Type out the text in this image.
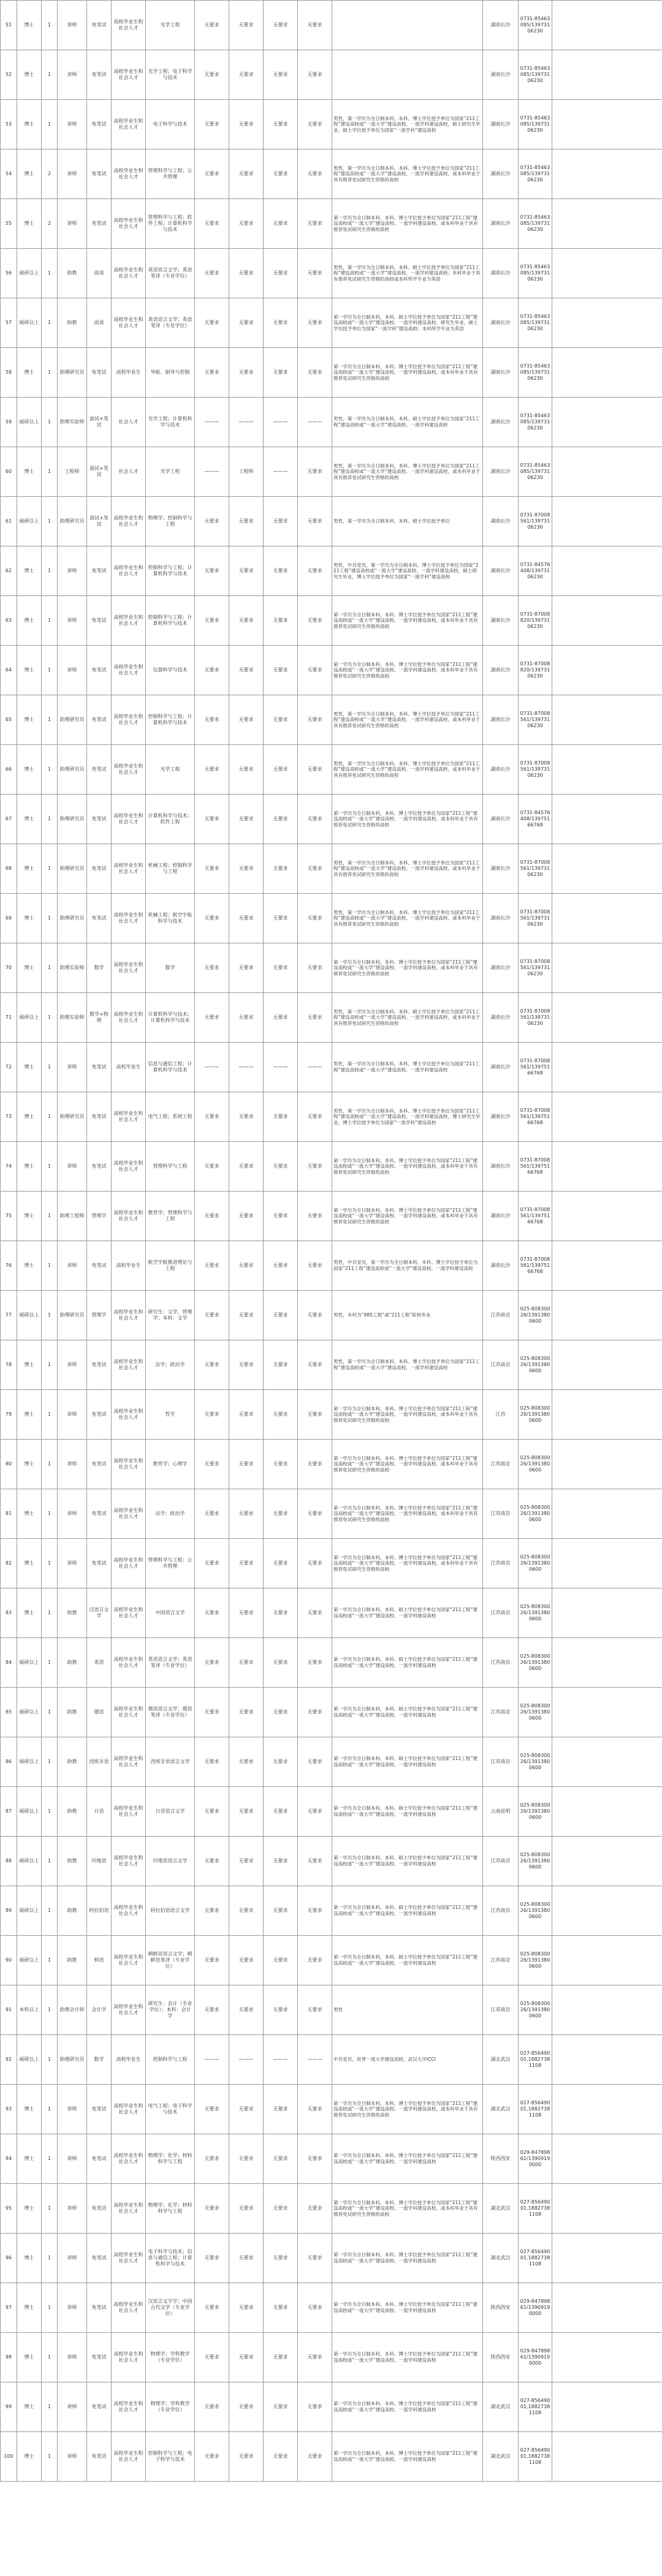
51	博士	1	讲师	免笔试	高校毕业生和社会人才	光学工程	无要求	无要求	无要求	无要求		湖南长沙	0731-85463085/13973106230	
52	博士	1	讲师	免笔试	高校毕业生和社会人才	光学工程；电子科学与技术	无要求	无要求	无要求	无要求		湖南长沙	0731-85463085/13973106230	
53	博士	1	讲师	免笔试	高校毕业生和社会人才	电子科学与技术	无要求	无要求	无要求	无要求	男性，第一学历为全日制本科，本科、博士学位授予单位为国家“211工程”建设高校或“一流大学”建设高校、一流学科建设高校，硕士研究生毕业，硕士学位授予单位为国家“一流学科”建设高校	湖南长沙	0731-85463085/13973106230	
54	博士	2	讲师	免笔试	高校毕业生和社会人才	管理科学与工程；公共管理	无要求	无要求	无要求	无要求	男性，第一学历为全日制本科，本科、博士学位授予单位为国家“211工程”建设高校或“一流大学”建设高校、一流学科建设高校，或本科毕业于具有推荐免试研究生资格的高校	湖南长沙	0731-85463085/13973106230	
55	博士	2	讲师	免笔试	高校毕业生和社会人才	管理科学与工程；软件工程；计算机科学与技术	无要求	无要求	无要求	无要求	第一学历为全日制本科，本科、博士学位授予单位为国家“211工程”建设高校或“一流大学”建设高校、一流学科建设高校，或本科毕业于具有推荐免试研究生资格的高校	湖南长沙	0731-85463085/13973106230	
56	硕研以上	1	助教	面谈	高校毕业生和社会人才	英语语言文学；英语笔译（专业学位）	无要求	无要求	无要求	无要求	男性，第一学历为全日制本科，本科、硕士学位授予单位为国家“211工程”建设高校或“一流大学”建设高校、一流学科建设高校；本科毕业于具有推荐免试研究生资格的高校或本科所学专业为英语	湖南长沙	0731-85463085/13973106230	
57	硕研以上	1	助教	面谈	高校毕业生和社会人才	英语语言文学；英语笔译（专业学位）	无要求	无要求	无要求	无要求	第一学历为全日制本科，本科、硕士学位授予单位为国家“211工程”建设高校或“一流大学”建设高校、一流学科建设高校，研究生毕业，硕士学位授予单位为国家“一流学科”建设高校；本科所学专业为英语	湖南长沙	0731-85463085/13973106230	
58	博士	1	助理研究员	免笔试	高校毕业生	导航、制导与控制	无要求	无要求	无要求	无要求	第一学历为全日制本科，本科、博士学位授予单位为国家“211工程”建设高校或“一流大学”建设高校、一流学科建设高校，或本科毕业于具有推荐免试研究生资格的高校	湖南长沙	0731-85463085/13973106230	
59	硕研以上	1	助理实验师	面试+笔试	社会人才	光学工程；计算机科学与技术	———	———	———	———	男性，第一学历为全日制本科，本科、硕士学位授予单位为国家“211工程”建设高校或“一流大学”建设高校、一流学科建设高校	湖南长沙	0731-85463085/13973106230	
60	博士	1	工程师	面试+笔试	社会人才	光学工程	———	工程师	———	无要求	男性，第一学历为全日制本科，本科、博士学位授予单位为国家“211工程”建设高校或“一流大学”建设高校、一流学科建设高校，或本科毕业于具有推荐免试研究生资格的高校	湖南长沙	0731-85463085/13973106230	
61	硕研以上	1	助理研究员	面试+笔试	高校毕业生和社会人才	物理学；控制科学与工程	无要求	无要求	无要求	无要求	男性，第一学历为全日制本科，本科、硕士学位授予单位	湖南长沙	0731-87008561/13973106230	
62	博士	1	讲师	免笔试	高校毕业生和社会人才	控制科学与工程；计算机科学与技术	无要求	无要求	无要求	无要求	男性，中共党员，第一学历为全日制本科，博士学位授予单位为国家“211工程”建设高校或“一流大学”建设高校、一流学科建设高校，硕士研究生毕业，博士学位授予单位为国家“一流学科”建设高校	湖南长沙	0731-84576408/13973106230	
63	博士	1	讲师	免笔试	高校毕业生和社会人才	控制科学与工程；计算机科学与技术	无要求	无要求	无要求	无要求	第一学历为全日制本科，本科、博士学位授予单位为国家“211工程”建设高校或“一流大学”建设高校、一流学科建设高校，或本科毕业于具有推荐免试研究生资格的高校	湖南长沙	0731-87008820/13973106230	
64	博士	1	讲师	免笔试	高校毕业生和社会人才	仪器科学与技术	无要求	无要求	无要求	无要求	第一学历为全日制本科，本科、博士学位授予单位为国家“211工程”建设高校或“一流大学”建设高校、一流学科建设高校，或本科毕业于具有推荐免试研究生资格的高校	湖南长沙	0731-87008820/13973106230	
65	博士	1	助理研究员	免笔试	高校毕业生和社会人才	控制科学与工程；计算机科学与技术	无要求	无要求	无要求	无要求	男性，第一学历为全日制本科，本科、博士学位授予单位为国家“211工程”建设高校或“一流大学”建设高校、一流学科建设高校，或本科毕业于具有推荐免试研究生资格的高校	湖南长沙	0731-87008561/13973106230	
66	博士	1	助理研究员	免笔试	高校毕业生和社会人才	光学工程	无要求	无要求	无要求	无要求	男性，第一学历为全日制本科，本科、博士学位授予单位为国家“211工程”建设高校或“一流大学”建设高校、一流学科建设高校，或本科毕业于具有推荐免试研究生资格的高校	湖南长沙	0731-87008561/13973106230	
67	博士	1	助理研究员	免笔试	高校毕业生和社会人才	计算机科学与技术；软件工程	无要求	无要求	无要求	无要求	第一学历为全日制本科，本科、博士学位授予单位为国家“211工程”建设高校或“一流大学”建设高校、一流学科建设高校，或本科毕业于具有推荐免试研究生资格的高校	湖南长沙	0731-84576408/13975166768	
68	博士	1	助理研究员	免笔试	高校毕业生和社会人才	机械工程；控制科学与工程	无要求	无要求	无要求	无要求	男性，第一学历为全日制本科，本科、博士学位授予单位为国家“211工程”建设高校或“一流大学”建设高校、一流学科建设高校，或本科毕业于具有推荐免试研究生资格的高校	湖南长沙	0731-87008561/13973106230	
69	博士	1	助理研究员	免笔试	高校毕业生和社会人才	机械工程；航空宇航科学与技术	无要求	无要求	无要求	无要求	男性，第一学历为全日制本科，本科、博士学位授予单位为国家“211工程”建设高校或“一流大学”建设高校、一流学科建设高校，或本科毕业于具有推荐免试研究生资格的高校	湖南长沙	0731-87008561/13973106230	
70	博士	1	助理实验师	数学	高校毕业生和社会人才	数学	无要求	无要求	无要求	无要求	第一学历为全日制本科，本科、博士学位授予单位为国家“211工程”建设高校或“一流大学”建设高校、一流学科建设高校，或本科毕业于具有推荐免试研究生资格的高校	湖南长沙	0731-87008561/13973106230	
71	硕研以上	1	助理实验师	数学+物理	高校毕业生和社会人才	计算机科学与技术；计算机科学与技术	无要求	无要求	无要求	无要求	男性，第一学历为全日制本科，本科、硕士学位授予单位为国家“211工程”建设高校或“一流大学”建设高校、一流学科建设高校，或本科毕业于具有推荐免试研究生资格的高校	湖南长沙	0731-87008561/13973106230	
72	博士	1	讲师	免笔试	高校毕业生	信息与通信工程；计算机科学与技术	———	———	———	———	男性，第一学历为全日制本科，本科、博士学位授予单位为国家“211工程”建设高校或“一流大学”建设高校、一流学科建设高校	湖南长沙	0731-87008561/13975166768	
73	博士	1	助理研究员	免笔试	高校毕业生和社会人才	电气工程；系统工程	无要求	无要求	无要求	无要求	男性，第一学历为全日制本科，本科、博士学位授予单位为国家“211工程”建设高校或“一流大学”建设高校、一流学科建设高校，博士研究生毕业，博士学位授予单位为国家“一流学科”建设高校	湖南长沙	0731-87008561/13975166768	
74	博士	1	讲师	免笔试	高校毕业生和社会人才	管理科学与工程	无要求	无要求	无要求	无要求	第一学历为全日制本科，本科、博士学位授予单位为国家“211工程”建设高校或“一流大学”建设高校、一流学科建设高校，或本科毕业于具有推荐免试研究生资格的高校	湖南长沙	0731-87008561/13975166768	
75	博士	1	助理工程师	管理学	高校毕业生和社会人才	教育学；管理科学与工程	无要求	无要求	无要求	无要求	第一学历为全日制本科，本科、博士学位授予单位为国家“211工程”建设高校或“一流大学”建设高校、一流学科建设高校，或本科毕业于具有推荐免试研究生资格的高校	湖南长沙	0731-87008561/13975166768	
76	博士	1	讲师	免笔试	高校毕业生	航空宇航推进理论与工程	无要求	无要求	无要求	无要求	男性，中共党员，第一学历为全日制本科，本科、博士学位授予单位为国家“211工程”建设高校或“一流大学”建设高校、一流学科建设高校	湖南长沙	0731-87008561/13975166768	
77	硕研以上	1	助理研究员	管理学	高校毕业生和社会人才	研究生：文学，管理学；本科：文学	无要求	无要求	无要求	无要求	男性，本科为“985工程”或“211工程”院校毕业	江苏南京	025-80830026/13913800600	
78	博士	1	讲师	免笔试	高校毕业生和社会人才	法学；政治学	无要求	无要求	无要求	无要求	男性，第一学历为全日制本科，本科、博士学位授予单位为国家“211工程”建设高校或“一流大学”建设高校、一流学科建设高校	江苏南京	025-80830026/13913800600	
79	博士	1	讲师	免笔试	高校毕业生和社会人才	哲学	无要求	无要求	无要求	无要求	第一学历为全日制本科，本科、博士学位授予单位为国家“211工程”建设高校或“一流大学”建设高校、一流学科建设高校，或本科毕业于具有推荐免试研究生资格的高校	江苏	025-80830026/13913800600	
80	博士	1	讲师	免笔试	高校毕业生和社会人才	教育学；心理学	无要求	无要求	无要求	无要求	第一学历为全日制本科，本科、博士学位授予单位为国家“211工程”建设高校或“一流大学”建设高校、一流学科建设高校，或本科毕业于具有推荐免试研究生资格的高校	江苏南京	025-80830026/13913800600	
81	博士	1	讲师	免笔试	高校毕业生和社会人才	法学；政治学	无要求	无要求	无要求	无要求	第一学历为全日制本科，本科、博士学位授予单位为国家“211工程”建设高校或“一流大学”建设高校、一流学科建设高校，或本科毕业于具有推荐免试研究生资格的高校	江苏南京	025-80830026/13913800600	
82	博士	1	讲师	免笔试	高校毕业生和社会人才	管理科学与工程；公共管理	无要求	无要求	无要求	无要求	第一学历为全日制本科，本科、博士学位授予单位为国家“211工程”建设高校或“一流大学”建设高校、一流学科建设高校，或本科毕业于具有推荐免试研究生资格的高校	江苏南京	025-80830026/13913800600	
83	博士	1	助教	汉语言文学	高校毕业生和社会人才	中国语言文学	无要求	无要求	无要求	无要求	第一学历为全日制本科，本科、硕士学位授予单位为国家“211工程”建设高校或“一流大学”建设高校、一流学科建设高校	江苏南京	025-80830026/13913800600	
84	硕研以上	1	助教	英语	高校毕业生和社会人才	英语语言文学；英语笔译（专业学位）	无要求	无要求	无要求	无要求	第一学历为全日制本科，本科、硕士学位授予单位为国家“211工程”建设高校或“一流大学”建设高校、一流学科建设高校	江苏南京	025-80830026/13913800600	
85	硕研以上	1	助教	俄语	高校毕业生和社会人才	俄语语言文学；俄语笔译（专业学位）	无要求	无要求	无要求	无要求	第一学历为全日制本科，本科、硕士学位授予单位为国家“211工程”建设高校或“一流大学”建设高校、一流学科建设高校	江苏南京	025-80830026/13913800600	
86	硕研以上	1	助教	西班牙语	高校毕业生和社会人才	西班牙语语言文学	无要求	无要求	无要求	无要求	第一学历为全日制本科，本科、硕士学位授予单位为国家“211工程”建设高校或“一流大学”建设高校、一流学科建设高校	江苏南京	025-80830026/13913800600	
87	硕研以上	1	助教	日语	高校毕业生和社会人才	日语语言文学	无要求	无要求	无要求	无要求	第一学历为全日制本科，本科、硕士学位授予单位为国家“211工程”建设高校或“一流大学”建设高校、一流学科建设高校	云南昆明	025-80830026/13913800600	
88	硕研以上	1	助教	印地语	高校毕业生和社会人才	印地语语言文学	无要求	无要求	无要求	无要求	第一学历为全日制本科，本科、硕士学位授予单位为国家“211工程”建设高校或“一流大学”建设高校、一流学科建设高校	江苏南京	025-80830026/13913800600	
89	硕研以上	1	助教	阿拉伯语	高校毕业生和社会人才	阿拉伯语语言文学	无要求	无要求	无要求	无要求	第一学历为全日制本科，本科、硕士学位授予单位为国家“211工程”建设高校或“一流大学”建设高校、一流学科建设高校	江苏南京	025-80830026/13913800600	
90	硕研以上	1	助教	韩语	高校毕业生和社会人才	朝鲜语语言文学；朝鲜语笔译（专业学位）	无要求	无要求	无要求	无要求	第一学历为全日制本科，本科、硕士学位授予单位为国家“211工程”建设高校或“一流大学”建设高校、一流学科建设高校	江苏南京	025-80830026/13913800600	
91	本科以上	1	助理会计师	会计学	高校毕业生和社会人才	研究生：会计（专业学位）；本科：会计学	无要求	无要求	无要求	无要求	男性	江苏南京	025-80830026/13913800600	
92	硕研以上	1	助理研究员	数学	高校毕业生	控制科学与工程	———	———	———	———	中共党员，世界一流大学建设高校，武汉大学ICCI	湖北武汉	027-85649001,18827381108	
93	博士	1	讲师	免笔试	高校毕业生和社会人才	电气工程；电子科学与技术	无要求	无要求	无要求	无要求	第一学历为全日制本科，本科、博士学位授予单位为国家“211工程”建设高校或“一流大学”建设高校、一流学科建设高校，或本科毕业于具有推荐免试研究生资格的高校	湖北武汉	027-85649001,18827381108	
94	博士	1	讲师	免笔试	高校毕业生和社会人才	物理学；化学；材料科学与工程	无要求	无要求	无要求	无要求	第一学历为全日制本科，本科、博士学位授予单位为国家“211工程”建设高校或“一流大学”建设高校、一流学科建设高校	陕西西安	029-84789861/13909190000	
95	博士	1	讲师	免笔试	高校毕业生和社会人才	物理学；化学；材料科学与工程	无要求	无要求	无要求	无要求	第一学历为全日制本科，本科、博士学位授予单位为国家“211工程”建设高校或“一流大学”建设高校、一流学科建设高校，或本科毕业于具有推荐免试研究生资格的高校	湖北武汉	027-85649001,18827381108	
96	博士	1	讲师	免笔试	高校毕业生和社会人才	电子科学与技术；信息与通信工程；计算机科学与技术	无要求	无要求	无要求	无要求	第一学历为全日制本科，本科、博士学位授予单位为国家“211工程”建设高校或“一流大学”建设高校、一流学科建设高校	湖北武汉	027-85649001,18827381108	
97	博士	1	讲师	免笔试	高校毕业生和社会人才	汉语言文字学；中国古代文学（专业学位）	无要求	无要求	无要求	无要求	第一学历为全日制本科，本科、博士学位授予单位为国家“211工程”建设高校或“一流大学”建设高校、一流学科建设高校	陕西西安	029-84789861/13909190000	
98	博士	1	讲师	免笔试	高校毕业生和社会人才	物理学；学科教学（专业学位）	无要求	无要求	无要求	无要求	第一学历为全日制本科，本科、博士学位授予单位为国家“211工程”建设高校或“一流大学”建设高校、一流学科建设高校	陕西西安	029-84789861/13909190000	
99	博士	1	讲师	免笔试	高校毕业生和社会人才	物理学；学科教学（专业学位）	无要求	无要求	无要求	无要求	第一学历为全日制本科，本科、博士学位授予单位为国家“211工程”建设高校或“一流大学”建设高校、一流学科建设高校	湖北武汉	027-85649001,18827381108	
100	博士	1	讲师	免笔试	高校毕业生和社会人才	控制科学与工程；电子科学与技术	无要求	无要求	无要求	无要求	第一学历为全日制本科，本科、博士学位授予单位为国家“211工程”建设高校或“一流大学”建设高校、一流学科建设高校	湖北武汉	027-85649001,18827381108	
